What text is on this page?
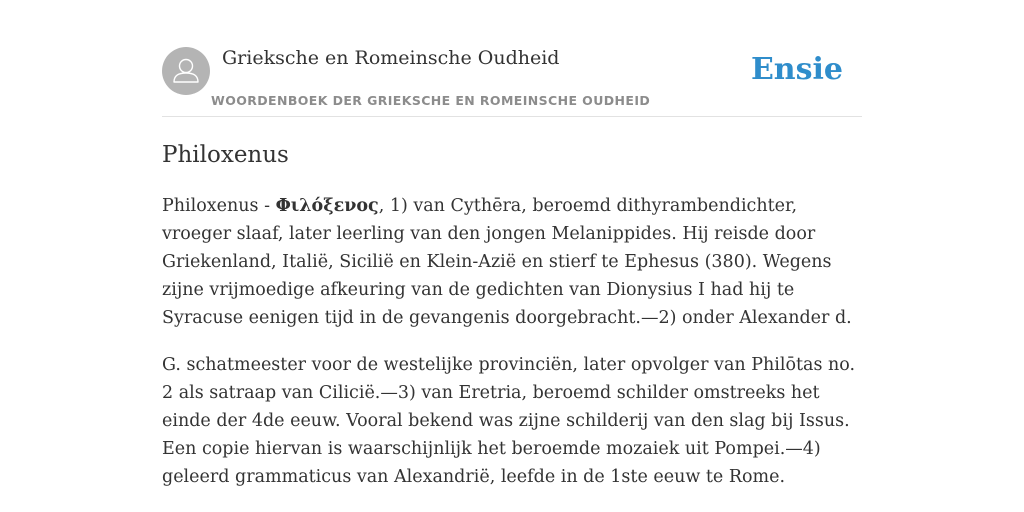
Grieksche en Romeinsche Oudheid
WOORDENBOEK DER GRIEKSCHE EN ROMEINSCHE OUDHEID
Ensie
Philoxenus

Philoxenus - Φιλόξενος, 1) van Cythēra, beroemd dithyrambendichter, vroeger slaaf, later leerling van den jongen Melanippides. Hij reisde door Griekenland, Italië, Sicilië en Klein-Azië en stierf te Ephesus (380). Wegens zijne vrijmoedige afkeuring van de gedichten van Dionysius I had hij te Syracuse eenigen tijd in de gevangenis doorgebracht.—2) onder Alexander d.

G. schatmeester voor de westelijke provinciën, later opvolger van Philōtas no. 2 als satraap van Cilicië.—3) van Eretria, beroemd schilder omstreeks het einde der 4de eeuw. Vooral bekend was zijne schilderij van den slag bij Issus. Een copie hiervan is waarschijnlijk het beroemde mozaiek uit Pompei.—4) geleerd grammaticus van Alexandrië, leefde in de 1ste eeuw te Rome.
